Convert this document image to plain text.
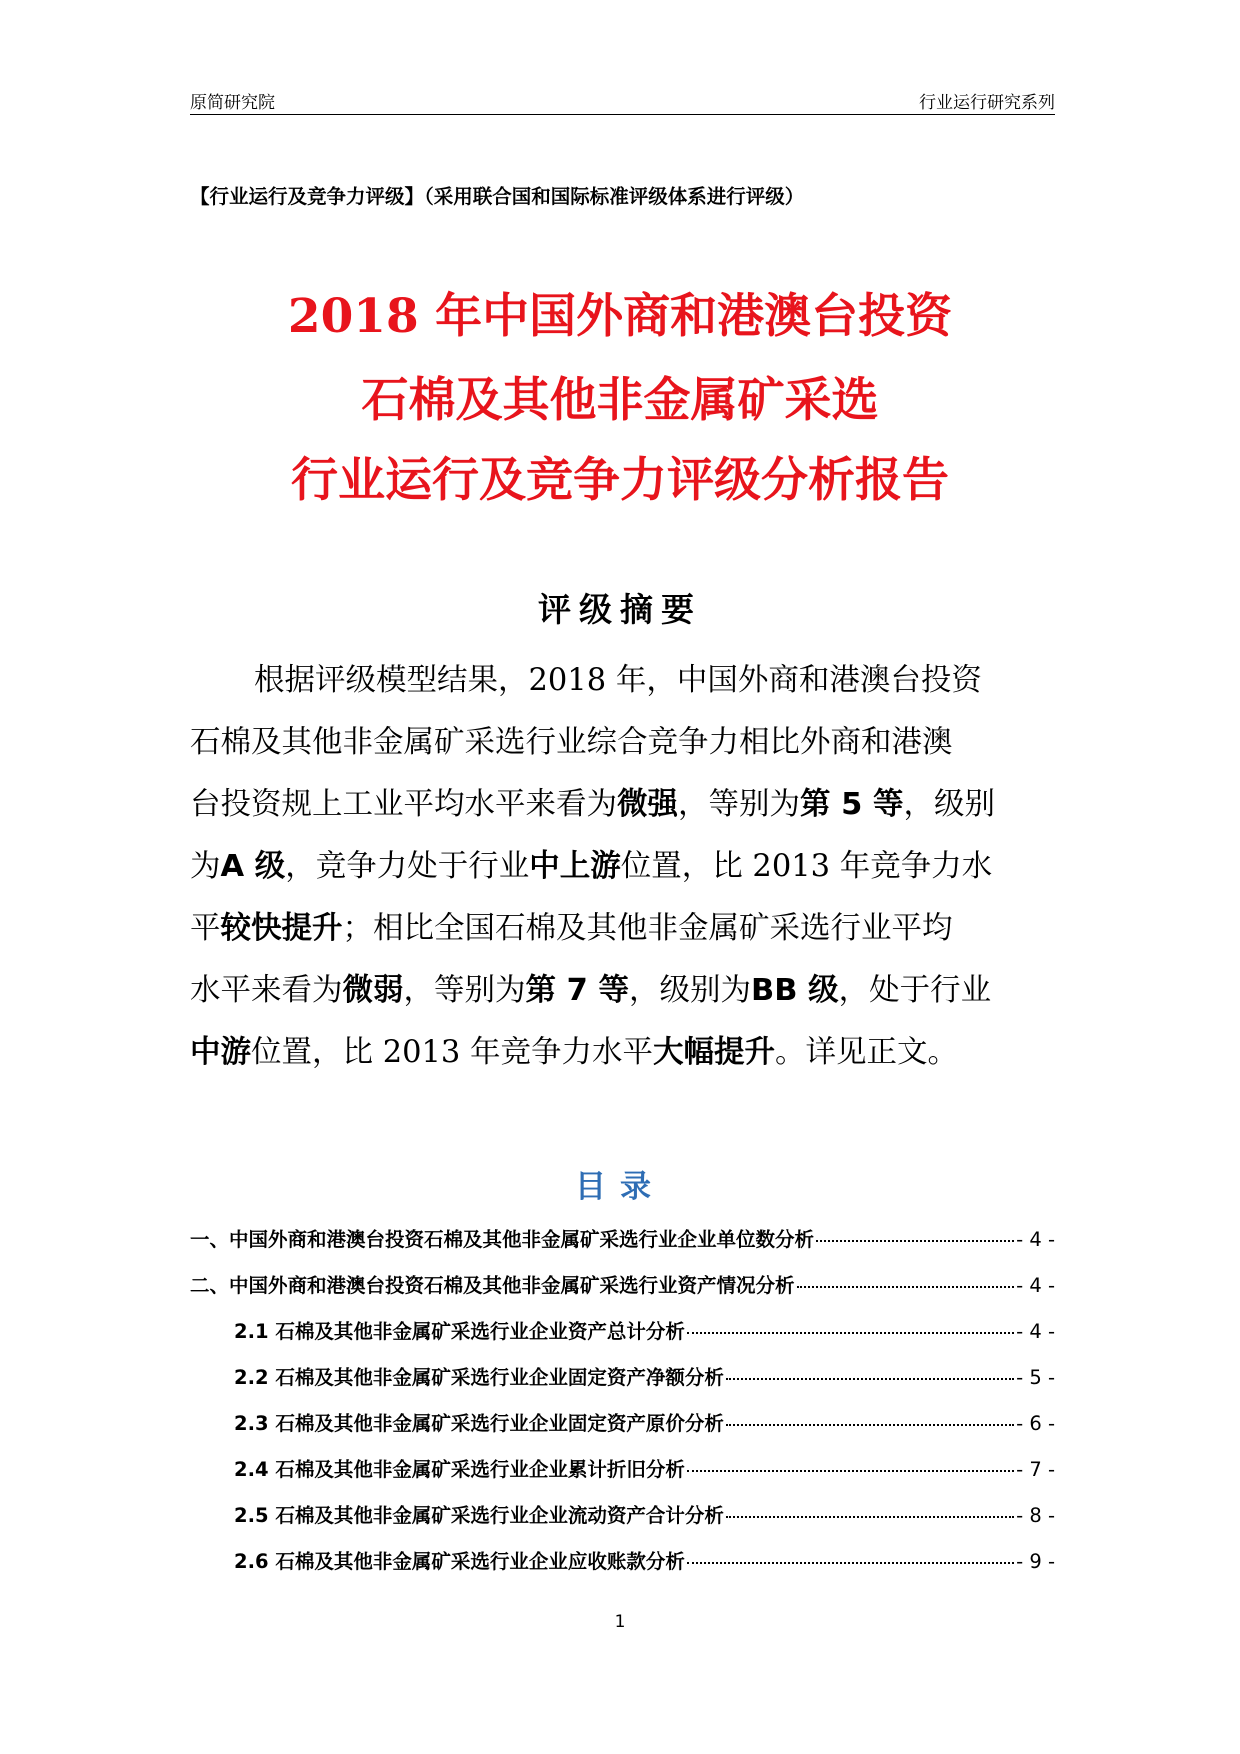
原简研究院	行业运行研究系列
【行业运行及竞争力评级】（采用联合国和国际标准评级体系进行评级）
2018 年中国外商和港澳台投资
石棉及其他非金属矿采选
行业运行及竞争力评级分析报告
评级摘要

根据评级模型结果，2018 年，中国外商和港澳台投资
石棉及其他非金属矿采选行业综合竞争力相比外商和港澳
台投资规上工业平均水平来看为微强，等别为第 5 等，级别
为A 级，竞争力处于行业中上游位置，比 2013 年竞争力水
平较快提升；相比全国石棉及其他非金属矿采选行业平均
水平来看为微弱，等别为第 7 等，级别为BB 级，处于行业
中游位置，比 2013 年竞争力水平大幅提升。详见正文。

目录
一、中国外商和港澳台投资石棉及其他非金属矿采选行业企业单位数分析	- 4 -
二、中国外商和港澳台投资石棉及其他非金属矿采选行业资产情况分析	- 4 -
2.1 石棉及其他非金属矿采选行业企业资产总计分析	- 4 -
2.2 石棉及其他非金属矿采选行业企业固定资产净额分析	- 5 -
2.3 石棉及其他非金属矿采选行业企业固定资产原价分析	- 6 -
2.4 石棉及其他非金属矿采选行业企业累计折旧分析	- 7 -
2.5 石棉及其他非金属矿采选行业企业流动资产合计分析	- 8 -
2.6 石棉及其他非金属矿采选行业企业应收账款分析	- 9 -
1
